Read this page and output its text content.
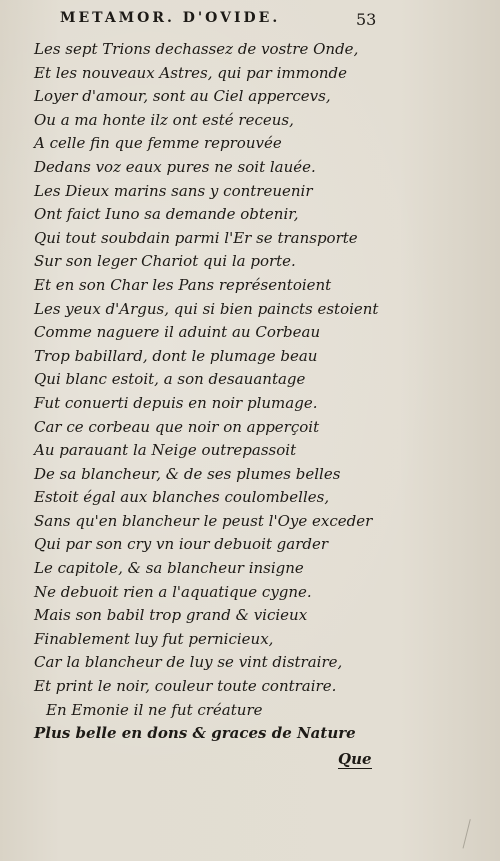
METAMOR. D'OVIDE.	53
Les sept Trions dechassez de vostre Onde,
Et les nouveaux Astres, qui par immonde
Loyer d'amour, sont au Ciel appercevs,
Ou a ma honte ilz ont esté receus,
A celle fin que femme reprouvée
Dedans voz eaux pures ne soit lauée.
Les Dieux marins sans y contreuenir
Ont faict Iuno sa demande obtenir,
Qui tout soubdain parmi l'Er se transporte
Sur son leger Chariot qui la porte.
Et en son Char les Pans représentoient
Les yeux d'Argus, qui si bien paincts estoient
Comme naguere il aduint au Corbeau
Trop babillard, dont le plumage beau
Qui blanc estoit, a son desauantage
Fut conuerti depuis en noir plumage.
Car ce corbeau que noir on apperçoit
Au parauant la Neige outrepassoit
De sa blancheur, & de ses plumes belles
Estoit égal aux blanches coulombelles,
Sans qu'en blancheur le peust l'Oye exceder
Qui par son cry vn iour debuoit garder
Le capitole, & sa blancheur insigne
Ne debuoit rien a l'aquatique cygne.
Mais son babil trop grand & vicieux
Finablement luy fut pernicieux,
Car la blancheur de luy se vint distraire,
Et print le noir, couleur toute contraire.
En Emonie il ne fut créature
Plus belle en dons & graces de Nature
Que
